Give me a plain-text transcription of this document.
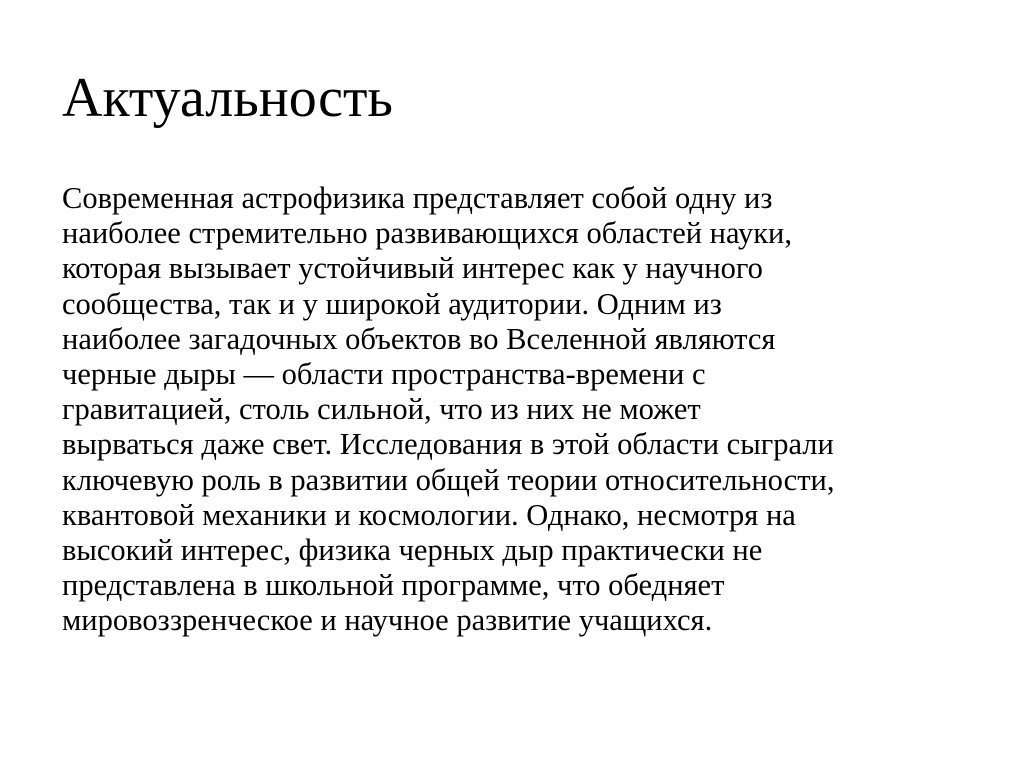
Актуальность
Современная астрофизика представляет собой одну из
наиболее стремительно развивающихся областей науки,
которая вызывает устойчивый интерес как у научного
сообщества, так и у широкой аудитории. Одним из
наиболее загадочных объектов во Вселенной являются
черные дыры — области пространства-времени с
гравитацией, столь сильной, что из них не может
вырваться даже свет. Исследования в этой области сыграли
ключевую роль в развитии общей теории относительности,
квантовой механики и космологии. Однако, несмотря на
высокий интерес, физика черных дыр практически не
представлена в школьной программе, что обедняет
мировоззренческое и научное развитие учащихся.
